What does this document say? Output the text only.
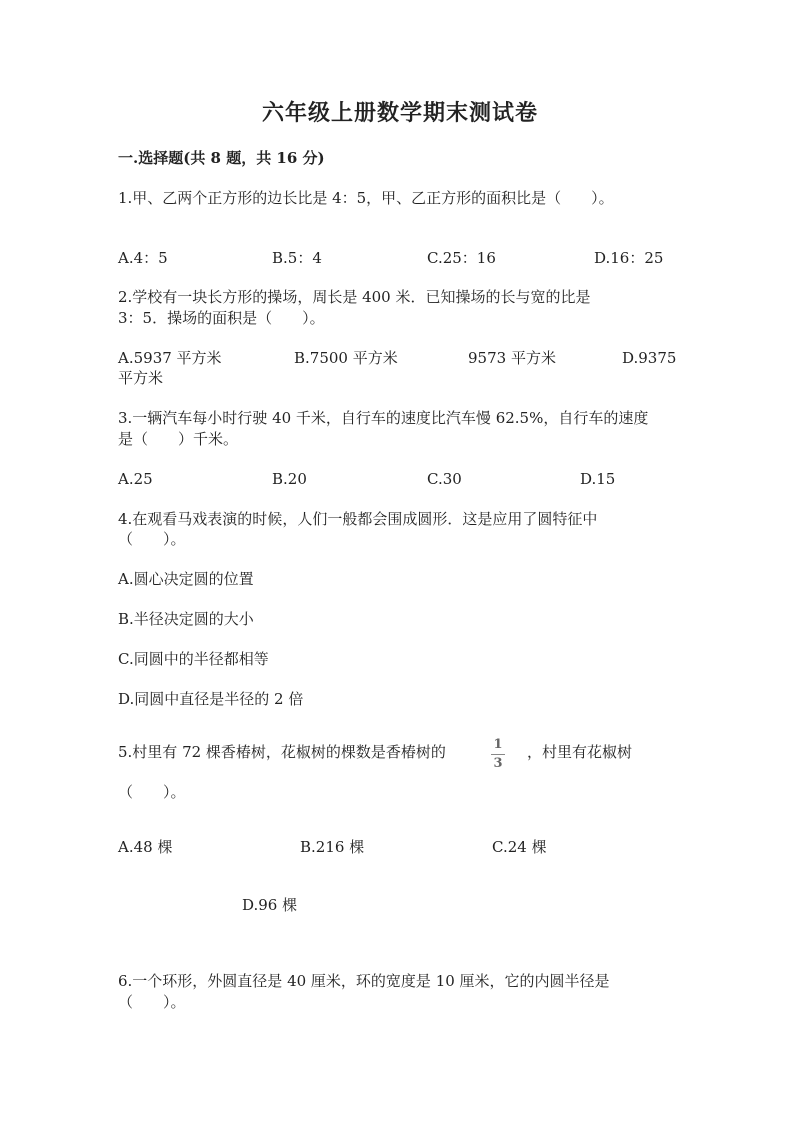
六年级上册数学期末测试卷
一.选择题(共 8 题，共 16 分)
1.甲、乙两个正方形的边长比是 4：5，甲、乙正方形的面积比是（　　）。
A.4：5	B.5：4	C.25：16	D.16：25
2.学校有一块长方形的操场，周长是 400 米．已知操场的长与宽的比是
3：5．操场的面积是（　　）。
A.5937 平方米	B.7500 平方米	9573 平方米	D.9375
平方米
3.一辆汽车每小时行驶 40 千米，自行车的速度比汽车慢 62.5%，自行车的速度
是（　　）千米。
A.25	B.20	C.30	D.15
4.在观看马戏表演的时候，人们一般都会围成圆形．这是应用了圆特征中
（　　）。
A.圆心决定圆的位置
B.半径决定圆的大小
C.同圆中的半径都相等
D.同圆中直径是半径的 2 倍
5.村里有 72 棵香椿树，花椒树的棵数是香椿树的	1
3
，村里有花椒树
（　　）。
A.48 棵	B.216 棵	C.24 棵
D.96 棵
6.一个环形，外圆直径是 40 厘米，环的宽度是 10 厘米，它的内圆半径是
（　　）。
